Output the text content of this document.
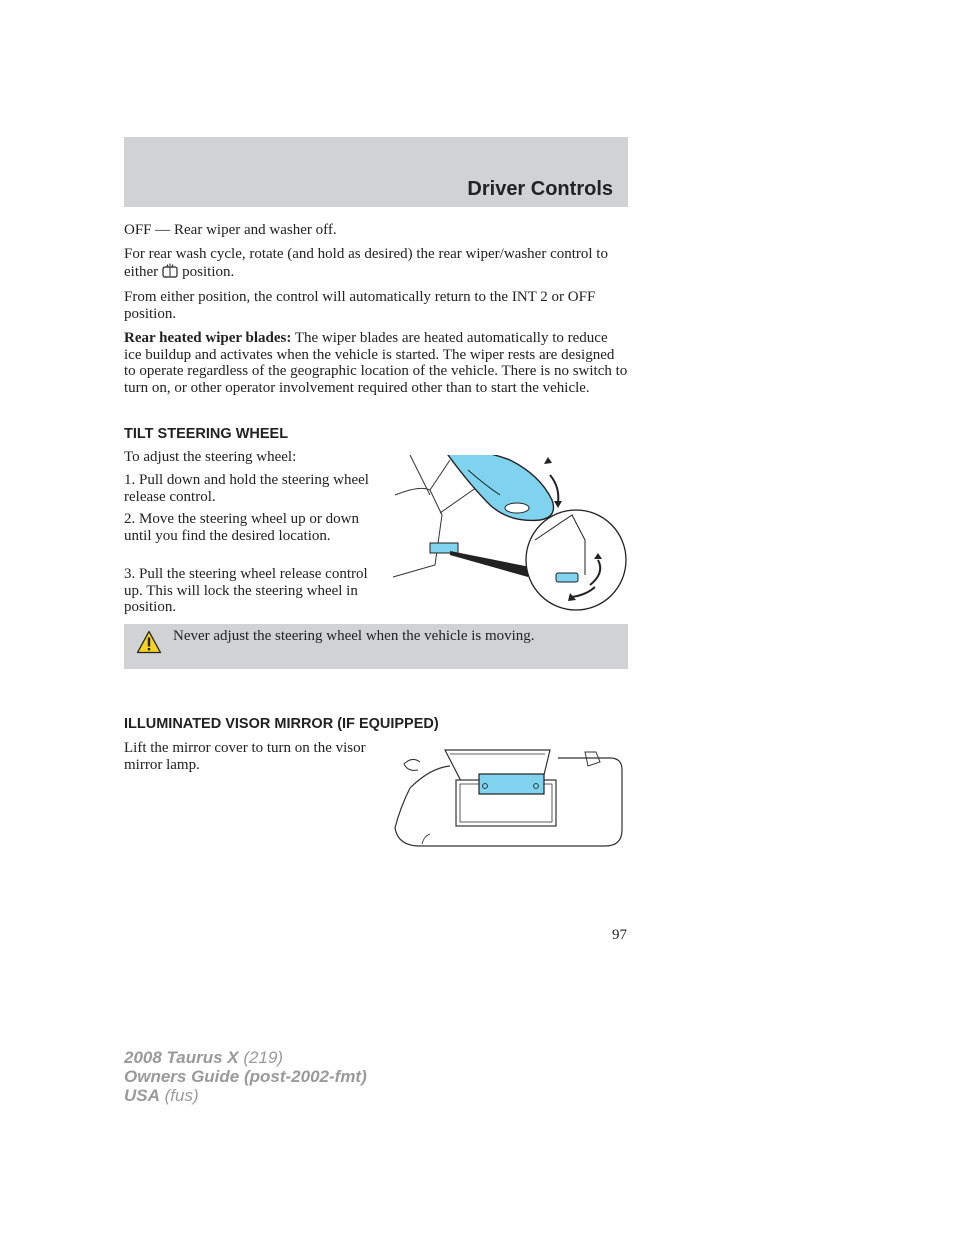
Driver Controls

OFF — Rear wiper and washer off.

For rear wash cycle, rotate (and hold as desired) the rear wiper/washer control to either position.

From either position, the control will automatically return to the INT 2 or OFF position.

Rear heated wiper blades: The wiper blades are heated automatically to reduce ice buildup and activates when the vehicle is started. The wiper rests are designed to operate regardless of the geographic location of the vehicle. There is no switch to turn on, or other operator involvement required other than to start the vehicle.

TILT STEERING WHEEL

To adjust the steering wheel:

1. Pull down and hold the steering wheel release control.

2. Move the steering wheel up or down until you find the desired location.

3. Pull the steering wheel release control up. This will lock the steering wheel in position.

Never adjust the steering wheel when the vehicle is moving.
ILLUMINATED VISOR MIRROR (IF EQUIPPED)

Lift the mirror cover to turn on the visor mirror lamp.

97
2008 Taurus X (219)
Owners Guide (post-2002-fmt)
USA (fus)
